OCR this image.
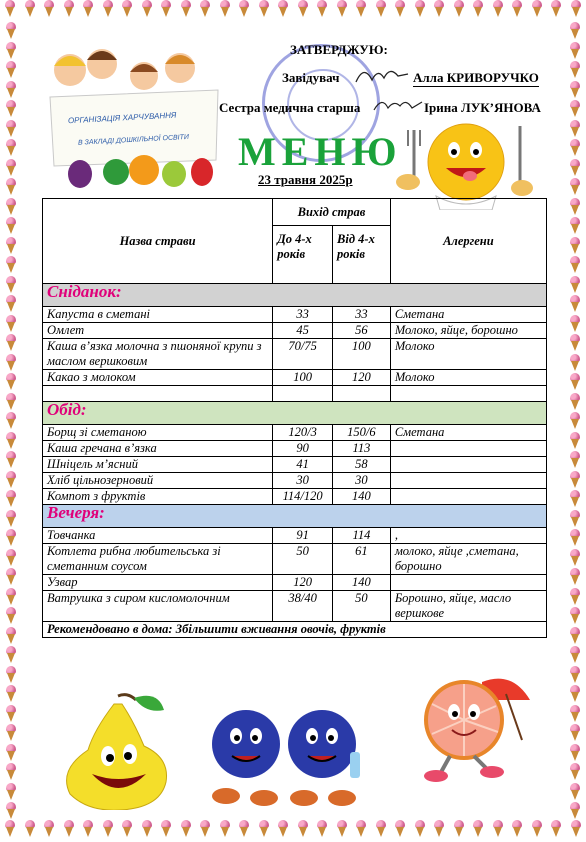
ОРГАНІЗАЦІЯ ХАРЧУВАННЯ
В ЗАКЛАДІ ДОШКІЛЬНОЇ ОСВІТИ
ЗАТВЕРДЖУЮ:
Завідувач	Алла КРИВОРУЧКО
Сестра медична старша	Ірина ЛУК’ЯНОВА
МЕНЮ
23 травня 2025р
Назва страви	Вихід страв		Алергени
	До 4-х років	Від 4-х років	
Сніданок:			
Капуста в сметані	33	33	Сметана
Омлет	45	56	Молоко, яйце, борошно
Каша в’язка молочна з пшоняної крупи з маслом вершковим	70/75	100	Молоко
Какао з молоком	100	120	Молоко

Обід:			
Борщ зі сметаною	120/3	150/6	Сметана
Каша гречана в’язка	90	113	
Шніцель м’ясний	41	58	
Хліб цільнозерновий	30	30	
Компот з фруктів	114/120	140	
Вечеря:			
Товчанка	91	114	,
Котлета рибна любительська зі сметанним соусом	50	61	молоко, яйце ,сметана, борошно
Узвар	120	140	
Ватрушка з сиром кисломолочним	38/40	50	Борошно, яйце, масло вершкове
Рекомендовано в дома: Збільшити вживання овочів, фруктів			
